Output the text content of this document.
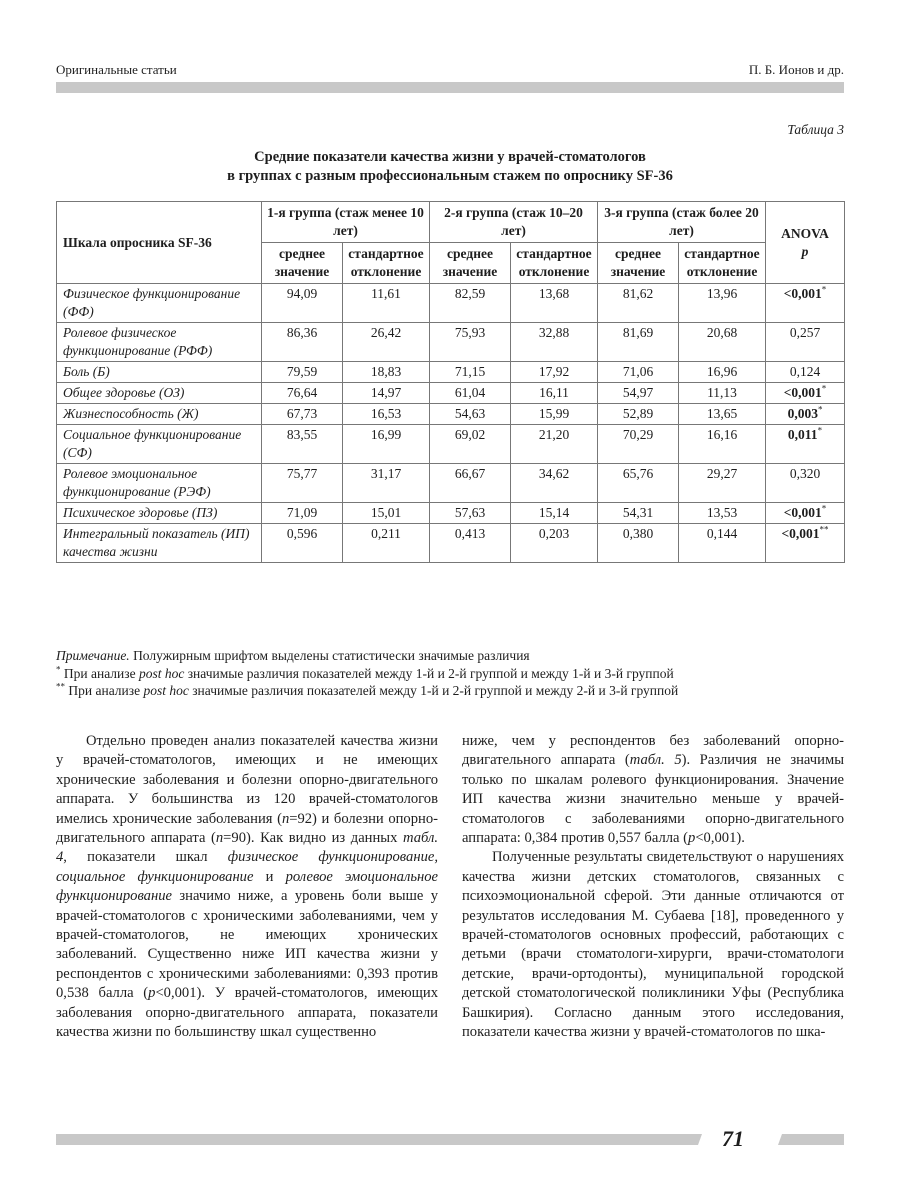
Оригинальные статьи	П. Б. Ионов и др.
Таблица 3
Средние показатели качества жизни у врачей-стоматологов
в группах с разным профессиональным стажем по опроснику SF-36
Шкала опросника SF-36	1-я группа (стаж менее 10 лет)		2-я группа (стаж 10–20 лет)		3-я группа (стаж более 20 лет)		ANOVA
p

	среднее значение	стандартное отклонение	среднее значение	стандартное отклонение	среднее значение	стандартное отклонение	
Физическое функционирование (ФФ)	94,09	11,61	82,59	13,68	81,62	13,96	<0,001*
Ролевое физическое функционирование (РФФ)	86,36	26,42	75,93	32,88	81,69	20,68	0,257
Боль (Б)	79,59	18,83	71,15	17,92	71,06	16,96	0,124
Общее здоровье (ОЗ)	76,64	14,97	61,04	16,11	54,97	11,13	<0,001*
Жизнеспособность (Ж)	67,73	16,53	54,63	15,99	52,89	13,65	0,003*
Социальное функционирование (СФ)	83,55	16,99	69,02	21,20	70,29	16,16	0,011*
Ролевое эмоциональное функционирование (РЭФ)	75,77	31,17	66,67	34,62	65,76	29,27	0,320
Психическое здоровье (ПЗ)	71,09	15,01	57,63	15,14	54,31	13,53	<0,001*
Интегральный показатель (ИП) качества жизни	0,596	0,211	0,413	0,203	0,380	0,144	<0,001**
Примечание. Полужирным шрифтом выделены статистически значимые различия
* При анализе post hoc значимые различия показателей между 1-й и 2-й группой и между 1-й и 3-й группой
** При анализе post hoc значимые различия показателей между 1-й и 2-й группой и между 2-й и 3-й группой

Отдельно проведен анализ показателей качества жизни у врачей-стоматологов, имеющих и не имеющих хронические заболевания и болезни опорно-двигательного аппарата. У большинства из 120 врачей-стоматологов имелись хронические заболевания (n=92) и болезни опорно-двигательного аппарата (n=90). Как видно из данных табл. 4, показатели шкал физическое функционирование, социальное функционирование и ролевое эмоциональное функционирование значимо ниже, а уровень боли выше у врачей-стоматологов с хроническими заболеваниями, чем у врачей-стоматологов, не имеющих хронических заболеваний. Существенно ниже ИП качества жизни у респондентов с хроническими заболеваниями: 0,393 против 0,538 балла (p<0,001). У врачей-стоматологов, имеющих заболевания опорно-двигательного аппарата, показатели качества жизни по большинству шкал существенно

ниже, чем у респондентов без заболеваний опорно-двигательного аппарата (табл. 5). Различия не значимы только по шкалам ролевого функционирования. Значение ИП качества жизни значительно меньше у врачей-стоматологов с заболеваниями опорно-двигательного аппарата: 0,384 против 0,557 балла (p<0,001).

Полученные результаты свидетельствуют о нарушениях качества жизни детских стоматологов, связанных с психоэмоциональной сферой. Эти данные отличаются от результатов исследования М. Субаева [18], проведенного у врачей-стоматологов основных профессий, работающих с детьми (врачи стоматологи-хирурги, врачи-стоматологи детские, врачи-ортодонты), муниципальной городской детской стоматологической поликлиники Уфы (Республика Башкирия). Согласно данным этого исследования, показатели качества жизни у врачей-стоматологов по шка-

71
